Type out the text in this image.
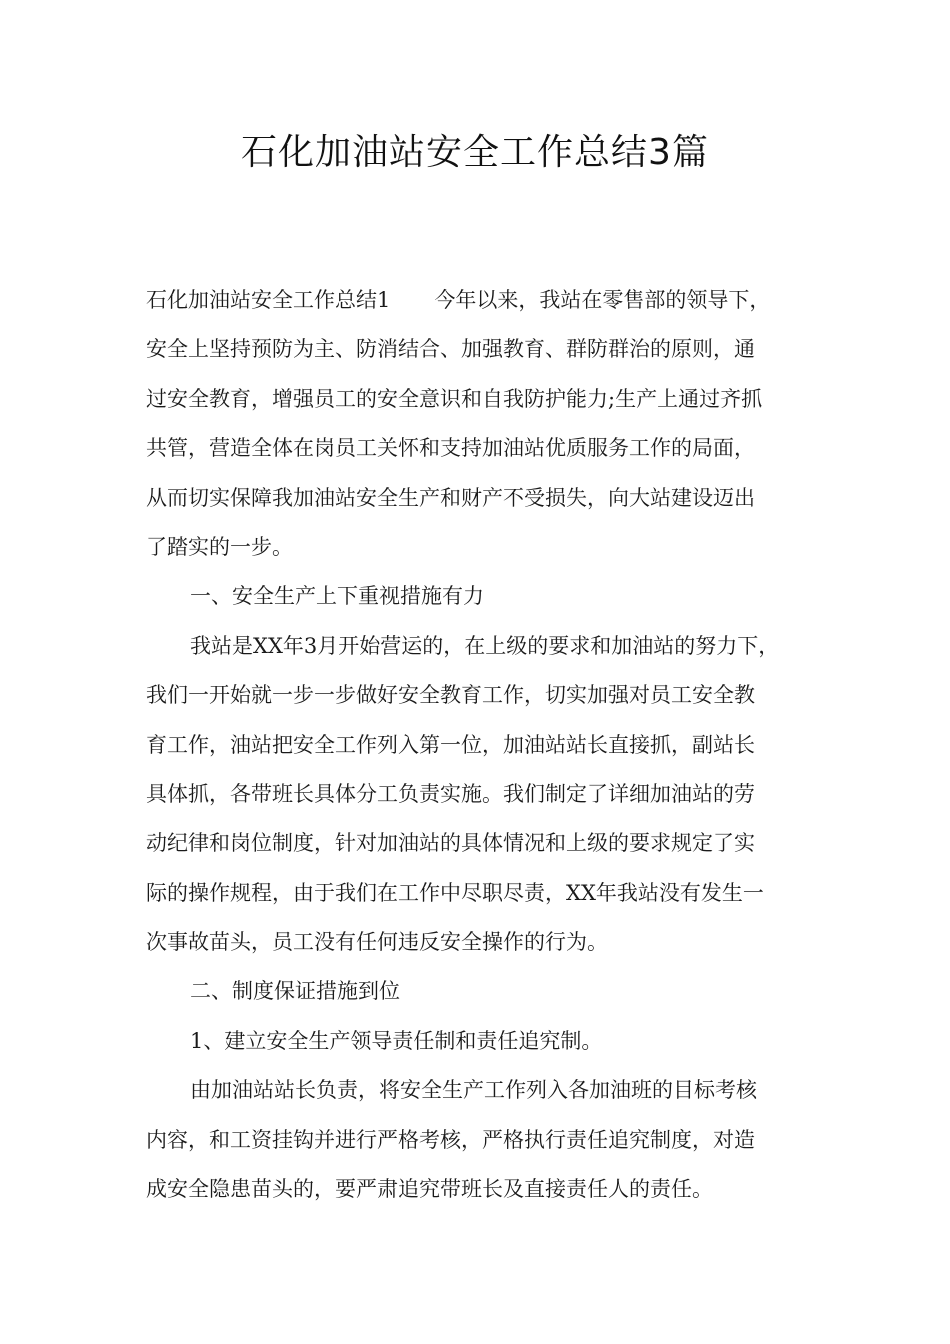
石化加油站安全工作总结3篇
石化加油站安全工作总结1 今年以来，我站在零售部的领导下，
安全上坚持预防为主、防消结合、加强教育、群防群治的原则，通
过安全教育，增强员工的安全意识和自我防护能力;生产上通过齐抓
共管，营造全体在岗员工关怀和支持加油站优质服务工作的局面，
从而切实保障我加油站安全生产和财产不受损失，向大站建设迈出
了踏实的一步。
一、安全生产上下重视措施有力
我站是XX年3月开始营运的，在上级的要求和加油站的努力下，
我们一开始就一步一步做好安全教育工作，切实加强对员工安全教
育工作，油站把安全工作列入第一位，加油站站长直接抓，副站长
具体抓，各带班长具体分工负责实施。我们制定了详细加油站的劳
动纪律和岗位制度，针对加油站的具体情况和上级的要求规定了实
际的操作规程，由于我们在工作中尽职尽责，XX年我站没有发生一
次事故苗头，员工没有任何违反安全操作的行为。
二、制度保证措施到位
1、建立安全生产领导责任制和责任追究制。
由加油站站长负责，将安全生产工作列入各加油班的目标考核
内容，和工资挂钩并进行严格考核，严格执行责任追究制度，对造
成安全隐患苗头的，要严肃追究带班长及直接责任人的责任。
